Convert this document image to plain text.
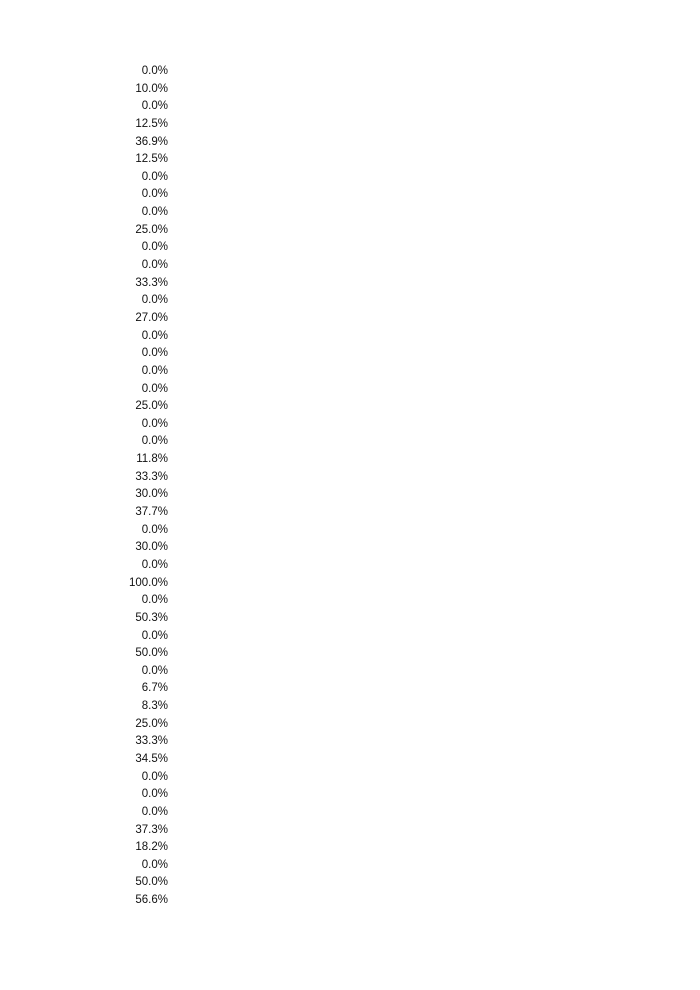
0.0%
10.0%
0.0%
12.5%
36.9%
12.5%
0.0%
0.0%
0.0%
25.0%
0.0%
0.0%
33.3%
0.0%
27.0%
0.0%
0.0%
0.0%
0.0%
25.0%
0.0%
0.0%
11.8%
33.3%
30.0%
37.7%
0.0%
30.0%
0.0%
100.0%
0.0%
50.3%
0.0%
50.0%
0.0%
6.7%
8.3%
25.0%
33.3%
34.5%
0.0%
0.0%
0.0%
37.3%
18.2%
0.0%
50.0%
56.6%
